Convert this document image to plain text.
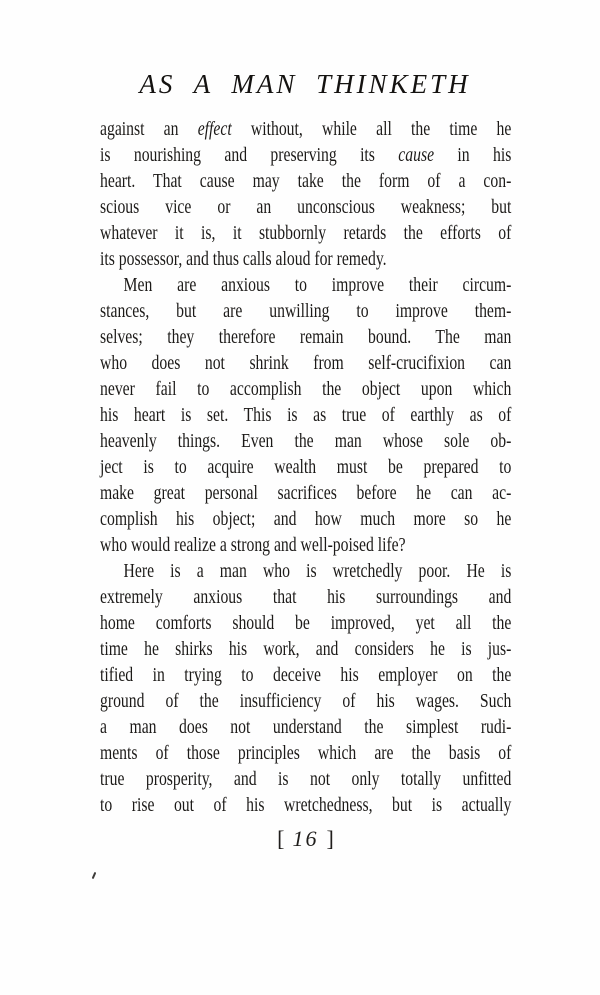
AS A MAN THINKETH
against an effect without, while all the time he
is nourishing and preserving its cause in his
heart. That cause may take the form of a con-
scious vice or an unconscious weakness; but
whatever it is, it stubbornly retards the efforts of
its possessor, and thus calls aloud for remedy.
Men are anxious to improve their circum-
stances, but are unwilling to improve them-
selves; they therefore remain bound. The man
who does not shrink from self-crucifixion can
never fail to accomplish the object upon which
his heart is set. This is as true of earthly as of
heavenly things. Even the man whose sole ob-
ject is to acquire wealth must be prepared to
make great personal sacrifices before he can ac-
complish his object; and how much more so he
who would realize a strong and well-poised life?
Here is a man who is wretchedly poor. He is
extremely anxious that his surroundings and
home comforts should be improved, yet all the
time he shirks his work, and considers he is jus-
tified in trying to deceive his employer on the
ground of the insufficiency of his wages. Such
a man does not understand the simplest rudi-
ments of those principles which are the basis of
true prosperity, and is not only totally unfitted
to rise out of his wretchedness, but is actually
[ 16 ]
